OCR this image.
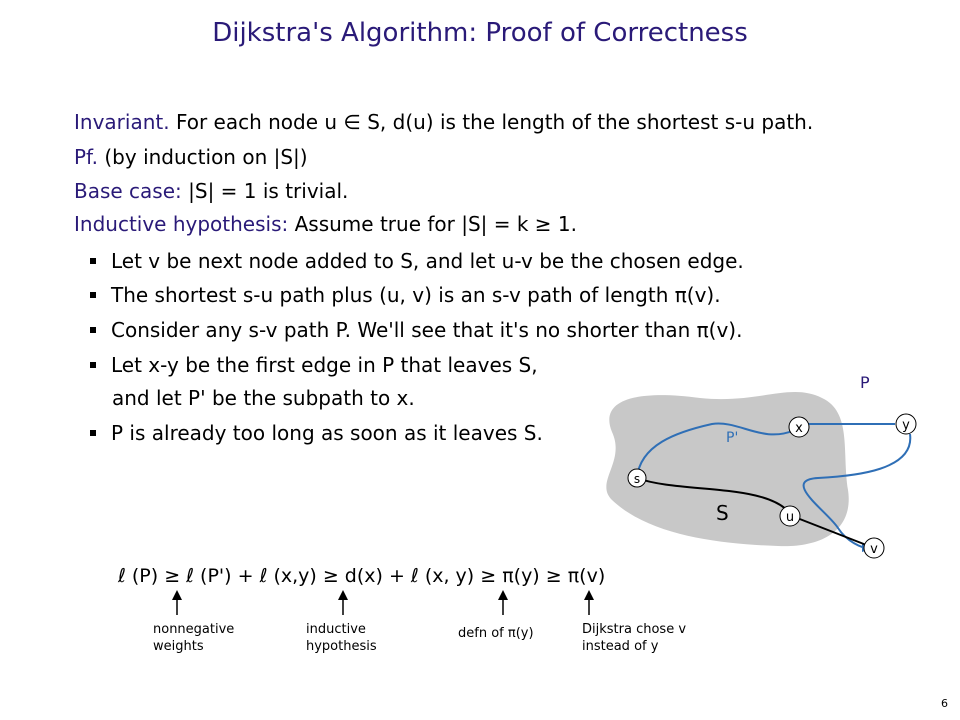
Dijkstra's Algorithm: Proof of Correctness
Invariant. For each node u ∈ S, d(u) is the length of the shortest s-u path.
Pf. (by induction on |S|)
Base case: |S| = 1 is trivial.
Inductive hypothesis: Assume true for |S| = k ≥ 1.
Let v be next node added to S, and let u-v be the chosen edge.
The shortest s-u path plus (u, v) is an s-v path of length π(v).
Consider any s-v path P. We'll see that it's no shorter than π(v).
Let x-y be the first edge in P that leaves S,
and let P' be the subpath to x.
P is already too long as soon as it leaves S.
S
P
P'
s
x	y
u
v
ℓ (P) ≥ ℓ (P') + ℓ (x,y) ≥ d(x) + ℓ (x, y) ≥ π(y) ≥ π(v)
nonnegative weights
inductive hypothesis
defn of π(y)	Dijkstra chose v instead of y
6
